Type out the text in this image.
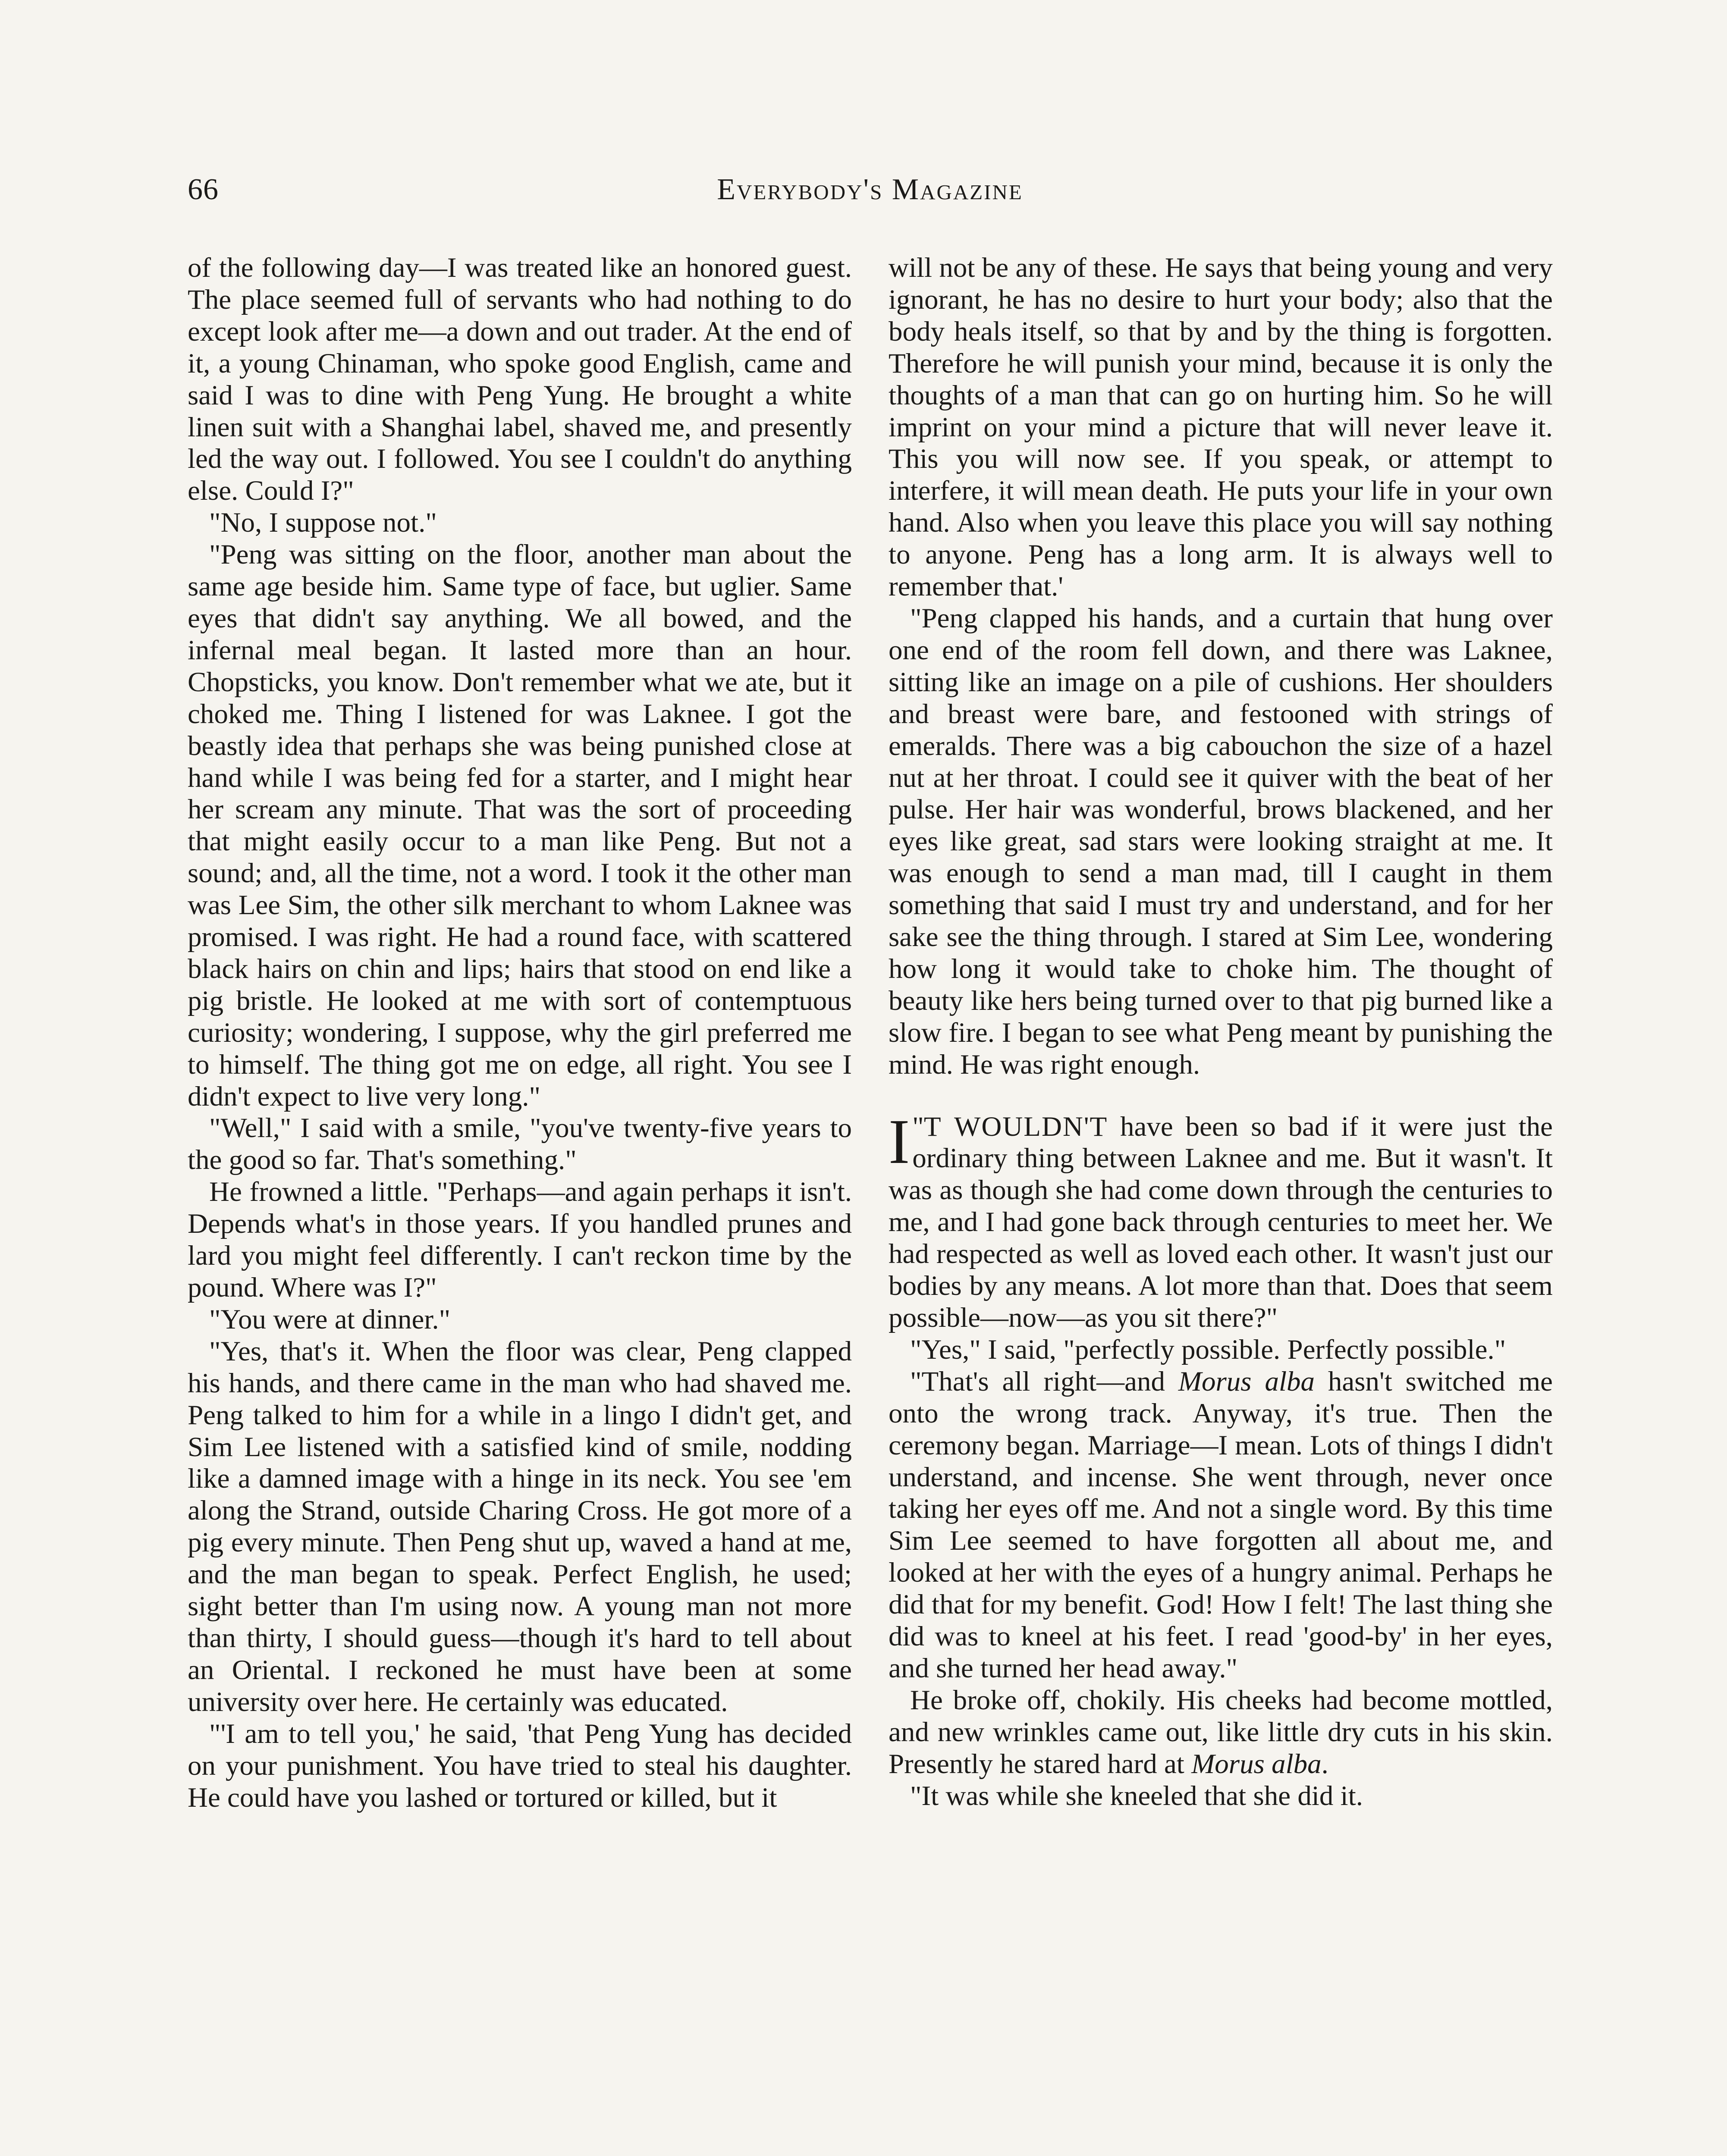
66	Everybody's Magazine

of the following day—I was treated like an honored guest. The place seemed full of servants who had nothing to do except look after me—a down and out trader. At the end of it, a young Chinaman, who spoke good English, came and said I was to dine with Peng Yung. He brought a white linen suit with a Shanghai label, shaved me, and presently led the way out. I followed. You see I couldn't do anything else. Could I?"

"No, I suppose not."

"Peng was sitting on the floor, another man about the same age beside him. Same type of face, but uglier. Same eyes that didn't say anything. We all bowed, and the infernal meal began. It lasted more than an hour. Chopsticks, you know. Don't remember what we ate, but it choked me. Thing I listened for was Laknee. I got the beastly idea that perhaps she was being punished close at hand while I was being fed for a starter, and I might hear her scream any minute. That was the sort of proceeding that might easily occur to a man like Peng. But not a sound; and, all the time, not a word. I took it the other man was Lee Sim, the other silk merchant to whom Laknee was promised. I was right. He had a round face, with scattered black hairs on chin and lips; hairs that stood on end like a pig bristle. He looked at me with sort of contemptuous curiosity; wondering, I suppose, why the girl preferred me to himself. The thing got me on edge, all right. You see I didn't expect to live very long."

"Well," I said with a smile, "you've twenty-five years to the good so far. That's something."

He frowned a little. "Perhaps—and again perhaps it isn't. Depends what's in those years. If you handled prunes and lard you might feel differently. I can't reckon time by the pound. Where was I?"

"You were at dinner."

"Yes, that's it. When the floor was clear, Peng clapped his hands, and there came in the man who had shaved me. Peng talked to him for a while in a lingo I didn't get, and Sim Lee listened with a satisfied kind of smile, nodding like a damned image with a hinge in its neck. You see 'em along the Strand, outside Charing Cross. He got more of a pig every minute. Then Peng shut up, waved a hand at me, and the man began to speak. Perfect English, he used; sight better than I'm using now. A young man not more than thirty, I should guess—though it's hard to tell about an Oriental. I reckoned he must have been at some university over here. He certainly was educated.

"'I am to tell you,' he said, 'that Peng Yung has decided on your punishment. You have tried to steal his daughter. He could have you lashed or tortured or killed, but it

will not be any of these. He says that being young and very ignorant, he has no desire to hurt your body; also that the body heals itself, so that by and by the thing is forgotten. Therefore he will punish your mind, because it is only the thoughts of a man that can go on hurting him. So he will imprint on your mind a picture that will never leave it. This you will now see. If you speak, or attempt to interfere, it will mean death. He puts your life in your own hand. Also when you leave this place you will say nothing to anyone. Peng has a long arm. It is always well to remember that.'

"Peng clapped his hands, and a curtain that hung over one end of the room fell down, and there was Laknee, sitting like an image on a pile of cushions. Her shoulders and breast were bare, and festooned with strings of emeralds. There was a big cabouchon the size of a hazel nut at her throat. I could see it quiver with the beat of her pulse. Her hair was wonderful, brows blackened, and her eyes like great, sad stars were looking straight at me. It was enough to send a man mad, till I caught in them something that said I must try and understand, and for her sake see the thing through. I stared at Sim Lee, wondering how long it would take to choke him. The thought of beauty like hers being turned over to that pig burned like a slow fire. I began to see what Peng meant by punishing the mind. He was right enough.

"
I T WOULDN'T have been so bad if it were just the ordinary thing between Laknee and me. But it wasn't. It was as though she had come down through the centuries to me, and I had gone back through centuries to meet her. We had respected as well as loved each other. It wasn't just our bodies by any means. A lot more than that. Does that seem possible—now—as you sit there?"

"Yes," I said, "perfectly possible. Perfectly possible."

"That's all right—and Morus alba hasn't switched me onto the wrong track. Anyway, it's true. Then the ceremony began. Marriage—I mean. Lots of things I didn't understand, and incense. She went through, never once taking her eyes off me. And not a single word. By this time Sim Lee seemed to have forgotten all about me, and looked at her with the eyes of a hungry animal. Perhaps he did that for my benefit. God! How I felt! The last thing she did was to kneel at his feet. I read 'good-by' in her eyes, and she turned her head away."

He broke off, chokily. His cheeks had become mottled, and new wrinkles came out, like little dry cuts in his skin. Presently he stared hard at Morus alba.

"It was while she kneeled that she did it.
